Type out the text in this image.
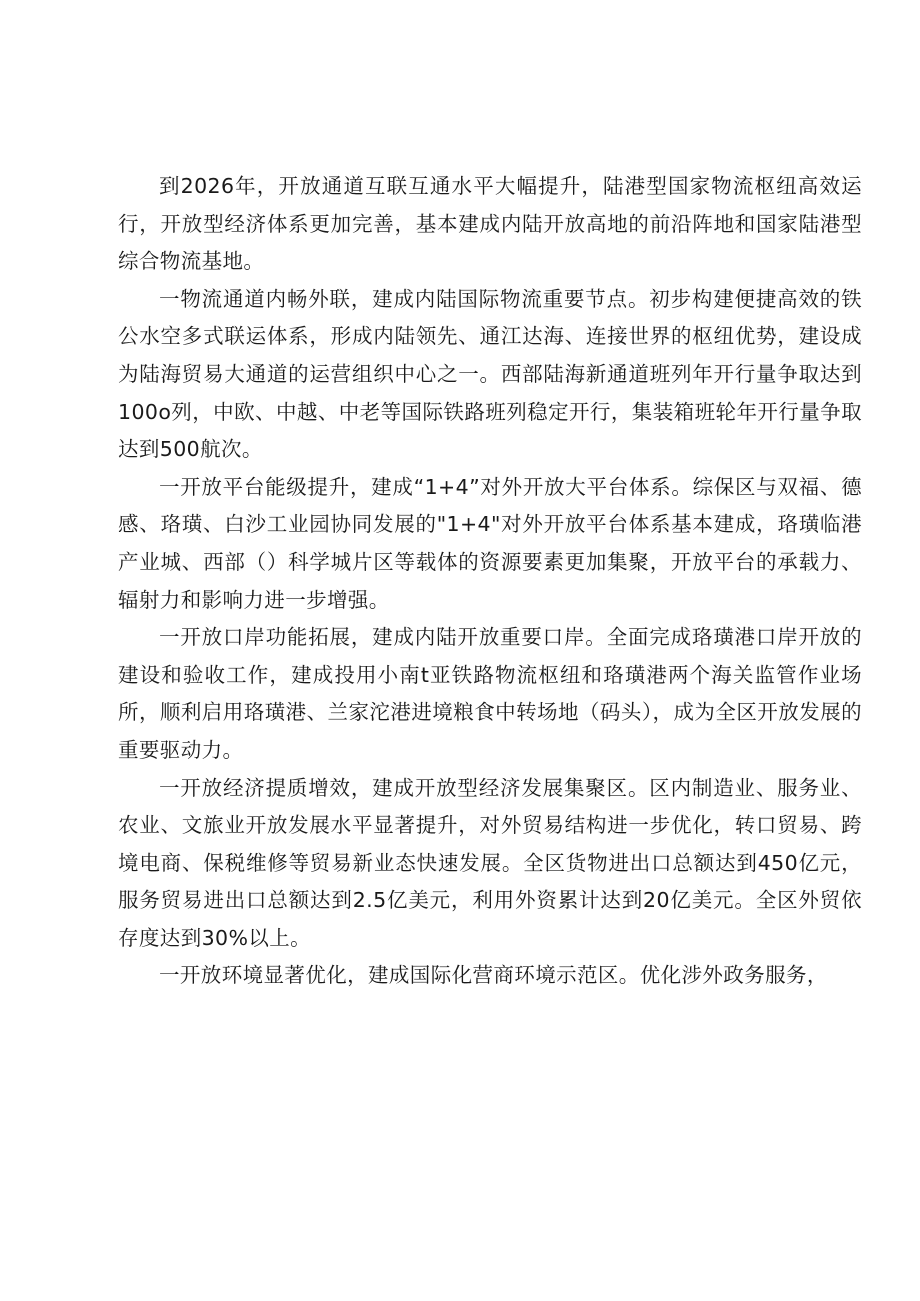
到2026年，开放通道互联互通水平大幅提升，陆港型国家物流枢纽高效运行，开放型经济体系更加完善，基本建成内陆开放高地的前沿阵地和国家陆港型综合物流基地。

一物流通道内畅外联，建成内陆国际物流重要节点。初步构建便捷高效的铁公水空多式联运体系，形成内陆领先、通江达海、连接世界的枢纽优势，建设成为陆海贸易大通道的运营组织中心之一。西部陆海新通道班列年开行量争取达到100o列，中欧、中越、中老等国际铁路班列稳定开行，集装箱班轮年开行量争取达到500航次。

一开放平台能级提升，建成“1+4”对外开放大平台体系。综保区与双福、德感、珞璜、白沙工业园协同发展的"1+4"对外开放平台体系基本建成，珞璜临港产业城、西部（）科学城片区等载体的资源要素更加集聚，开放平台的承载力、辐射力和影响力进一步增强。

一开放口岸功能拓展，建成内陆开放重要口岸。全面完成珞璜港口岸开放的建设和验收工作，建成投用小南t亚铁路物流枢纽和珞璜港两个海关监管作业场所，顺利启用珞璜港、兰家沱港进境粮食中转场地（码头），成为全区开放发展的重要驱动力。

一开放经济提质增效，建成开放型经济发展集聚区。区内制造业、服务业、农业、文旅业开放发展水平显著提升，对外贸易结构进一步优化，转口贸易、跨境电商、保税维修等贸易新业态快速发展。全区货物进出口总额达到450亿元，服务贸易进出口总额达到2.5亿美元，利用外资累计达到20亿美元。全区外贸依存度达到30%以上。

一开放环境显著优化，建成国际化营商环境示范区。优化涉外政务服务，
